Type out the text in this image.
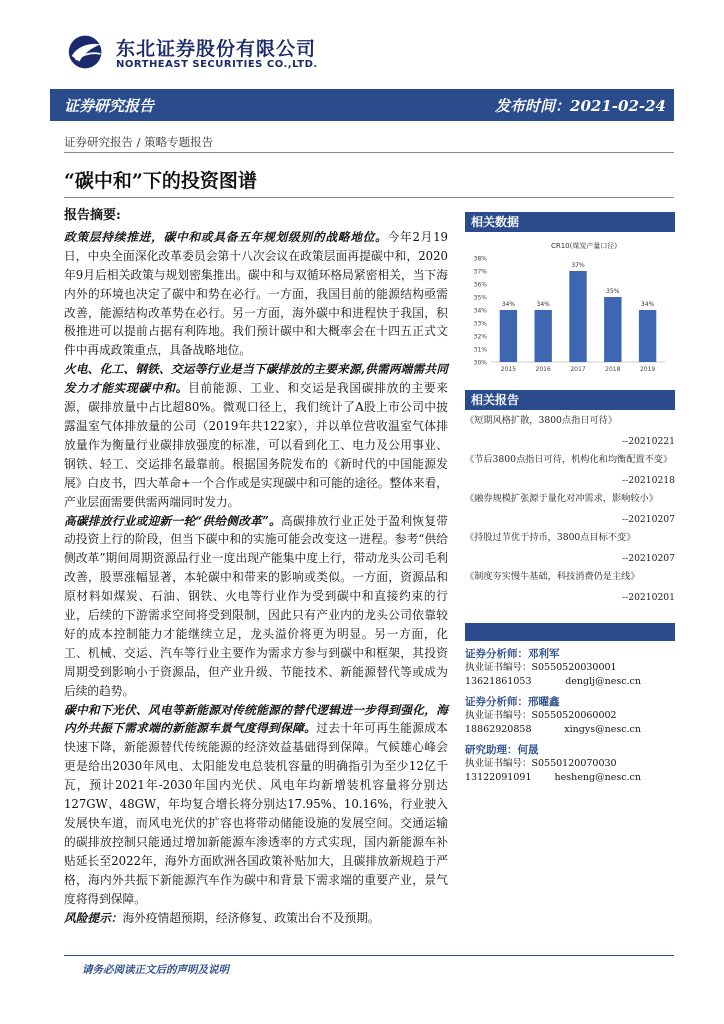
东北证券股份有限公司
NORTHEAST SECURITIES CO.,LTD.
证券研究报告	发布时间：2021-02-24
证券研究报告 / 策略专题报告
“碳中和”下的投资图谱
报告摘要:

政策层持续推进，碳中和或具备五年规划级别的战略地位。今年2月19日，中央全面深化改革委员会第十八次会议在政策层面再提碳中和，2020年9月后相关政策与规划密集推出。碳中和与双循环格局紧密相关，当下海内外的环境也决定了碳中和势在必行。一方面，我国目前的能源结构亟需改善，能源结构改革势在必行。另一方面，海外碳中和进程快于我国，积极推进可以提前占据有利阵地。我们预计碳中和大概率会在十四五正式文件中再成政策重点，具备战略地位。

火电、化工、钢铁、交运等行业是当下碳排放的主要来源,供需两端需共同发力才能实现碳中和。目前能源、工业、和交运是我国碳排放的主要来源，碳排放量中占比超80%。微观口径上，我们统计了A股上市公司中披露温室气体排放量的公司（2019年共122家），并以单位营收温室气体排放量作为衡量行业碳排放强度的标准，可以看到化工、电力及公用事业、钢铁、轻工、交运排名最靠前。根据国务院发布的《新时代的中国能源发展》白皮书，四大革命+一个合作或是实现碳中和可能的途径。整体来看，产业层面需要供需两端同时发力。

高碳排放行业或迎新一轮“供给侧改革”。高碳排放行业正处于盈利恢复带动投资上行的阶段，但当下碳中和的实施可能会改变这一进程。参考“供给侧改革”期间周期资源品行业一度出现产能集中度上行，带动龙头公司毛利改善，股票涨幅显著，本轮碳中和带来的影响或类似。一方面，资源品和原材料如煤炭、石油、钢铁、火电等行业作为受到碳中和直接约束的行业，后续的下游需求空间将受到限制，因此只有产业内的龙头公司依靠较好的成本控制能力才能继续立足，龙头溢价将更为明显。另一方面，化工、机械、交运、汽车等行业主要作为需求方参与到碳中和框架，其投资周期受到影响小于资源品，但产业升级、节能技术、新能源替代等或成为后续的趋势。

碳中和下光伏、风电等新能源对传统能源的替代逻辑进一步得到强化，海内外共振下需求端的新能源车景气度得到保障。过去十年可再生能源成本快速下降，新能源替代传统能源的经济效益基础得到保障。气候雄心峰会更是给出2030年风电、太阳能发电总装机容量的明确指引为至少12亿千瓦，预计2021年-2030年国内光伏、风电年均新增装机容量将分别达127GW、48GW，年均复合增长将分别达17.95%、10.16%，行业驶入发展快车道，而风电光伏的扩容也将带动储能设施的发展空间。交通运输的碳排放控制只能通过增加新能源车渗透率的方式实现，国内新能源车补贴延长至2022年，海外方面欧洲各国政策补贴加大，且碳排放新规趋于严格，海内外共振下新能源汽车作为碳中和背景下需求端的重要产业，景气度将得到保障。

风险提示：海外疫情超预期，经济修复、政策出台不及预期。

相关数据
CR10(煤炭产量口径)
30%
31%
32%
33%
34%
35%
36%
37%
38%
34%
2015
34%
2016
37%
2017
35%
2018
34%
2019
相关报告
《短期风格扩散，3800点指日可待》
--20210221
《节后3800点指日可待，机构化和均衡配置不变》
--20210218
《融券规模扩张源于量化对冲需求，影响较小》
--20210207
《持股过节优于持币，3800点目标不变》
--20210207
《制度夯实慢牛基础，科技消费仍是主线》
--20210201
证券分析师：邓利军
执业证书编号：S0550520030001
13621861053	denglj@nesc.cn
证券分析师：邢曜鑫
执业证书编号：S0550520060002
18862920858	xingys@nesc.cn
研究助理：何晟
执业证书编号：S0550120070030
13122091091 hesheng@nesc.cn
请务必阅读正文后的声明及说明
